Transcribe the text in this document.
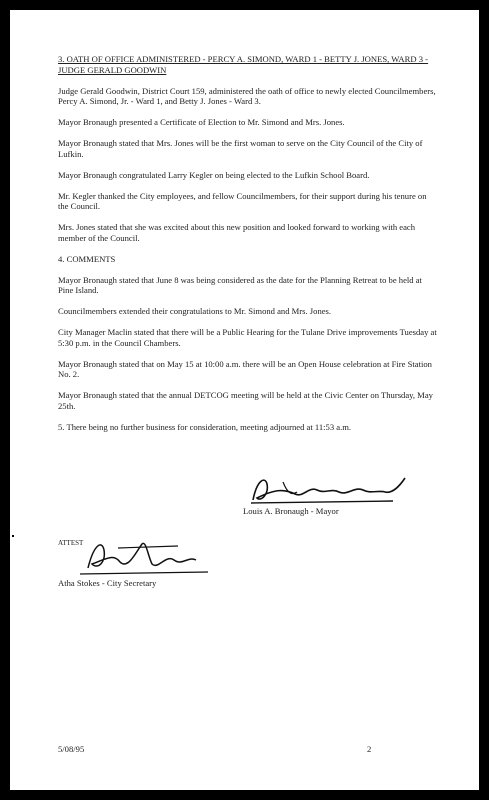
3. OATH OF OFFICE ADMINISTERED - PERCY A. SIMOND, WARD 1 - BETTY J. JONES, WARD 3 - JUDGE GERALD GOODWIN

Judge Gerald Goodwin, District Court 159, administered the oath of office to newly elected Councilmembers, Percy A. Simond, Jr. - Ward 1, and Betty J. Jones - Ward 3.

Mayor Bronaugh presented a Certificate of Election to Mr. Simond and Mrs. Jones.

Mayor Bronaugh stated that Mrs. Jones will be the first woman to serve on the City Council of the City of Lufkin.

Mayor Bronaugh congratulated Larry Kegler on being elected to the Lufkin School Board.

Mr. Kegler thanked the City employees, and fellow Councilmembers, for their support during his tenure on the Council.

Mrs. Jones stated that she was excited about this new position and looked forward to working with each member of the Council.

4. COMMENTS

Mayor Bronaugh stated that June 8 was being considered as the date for the Planning Retreat to be held at Pine Island.

Councilmembers extended their congratulations to Mr. Simond and Mrs. Jones.

City Manager Maclin stated that there will be a Public Hearing for the Tulane Drive improvements Tuesday at 5:30 p.m. in the Council Chambers.

Mayor Bronaugh stated that on May 15 at 10:00 a.m. there will be an Open House celebration at Fire Station No. 2.

Mayor Bronaugh stated that the annual DETCOG meeting will be held at the Civic Center on Thursday, May 25th.

5. There being no further business for consideration, meeting adjourned at 11:53 a.m.

Louis A. Bronaugh - Mayor
ATTEST
Atha Stokes - City Secretary
5/08/95	2
